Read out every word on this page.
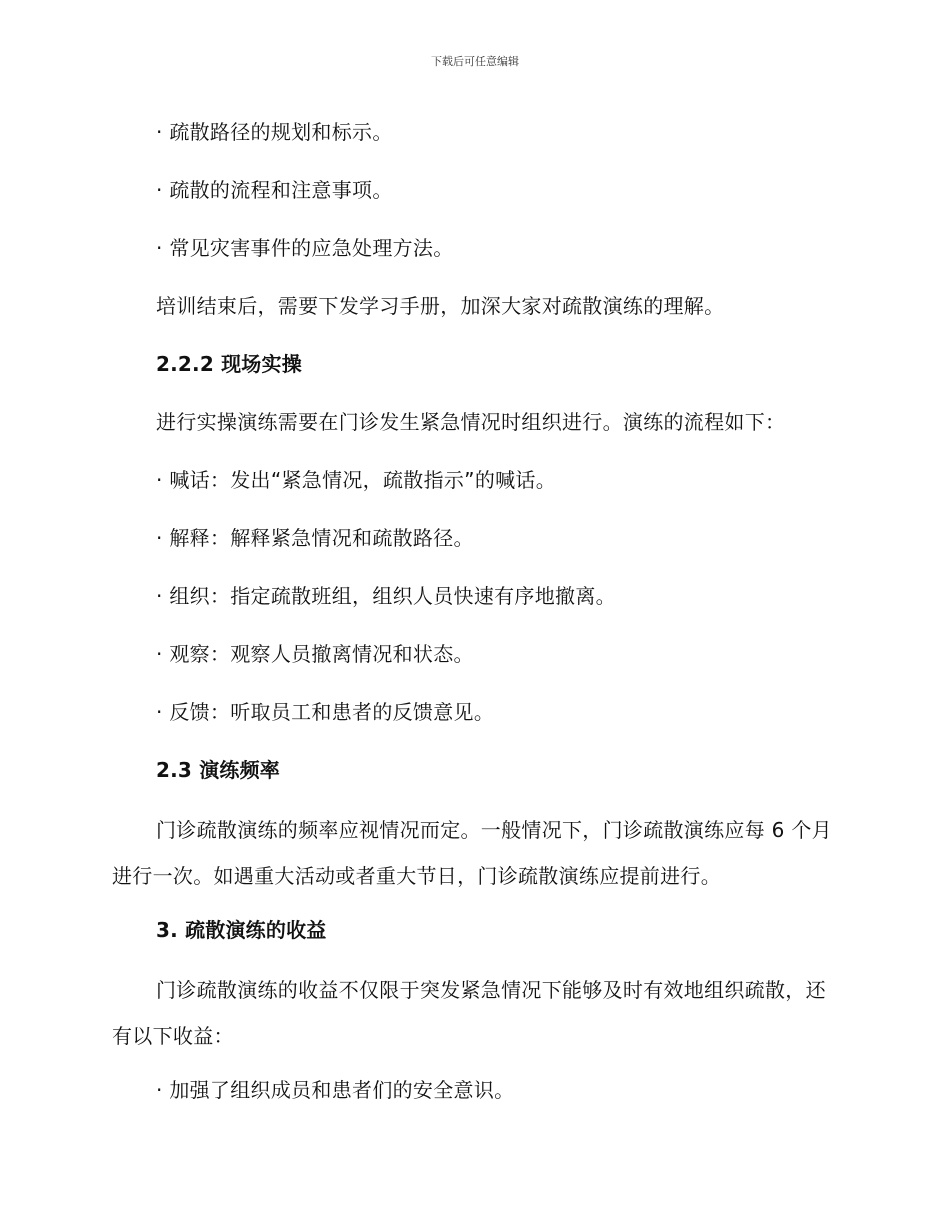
下载后可任意编辑
· 疏散路径的规划和标示。
· 疏散的流程和注意事项。
· 常见灾害事件的应急处理方法。
培训结束后，需要下发学习手册，加深大家对疏散演练的理解。
2.2.2 现场实操
进行实操演练需要在门诊发生紧急情况时组织进行。演练的流程如下：
· 喊话：发出“紧急情况，疏散指示”的喊话。
· 解释：解释紧急情况和疏散路径。
· 组织：指定疏散班组，组织人员快速有序地撤离。
· 观察：观察人员撤离情况和状态。
· 反馈：听取员工和患者的反馈意见。
2.3 演练频率
门诊疏散演练的频率应视情况而定。一般情况下，门诊疏散演练应每 6 个月进行一次。如遇重大活动或者重大节日，门诊疏散演练应提前进行。
3. 疏散演练的收益
门诊疏散演练的收益不仅限于突发紧急情况下能够及时有效地组织疏散，还有以下收益：
· 加强了组织成员和患者们的安全意识。
